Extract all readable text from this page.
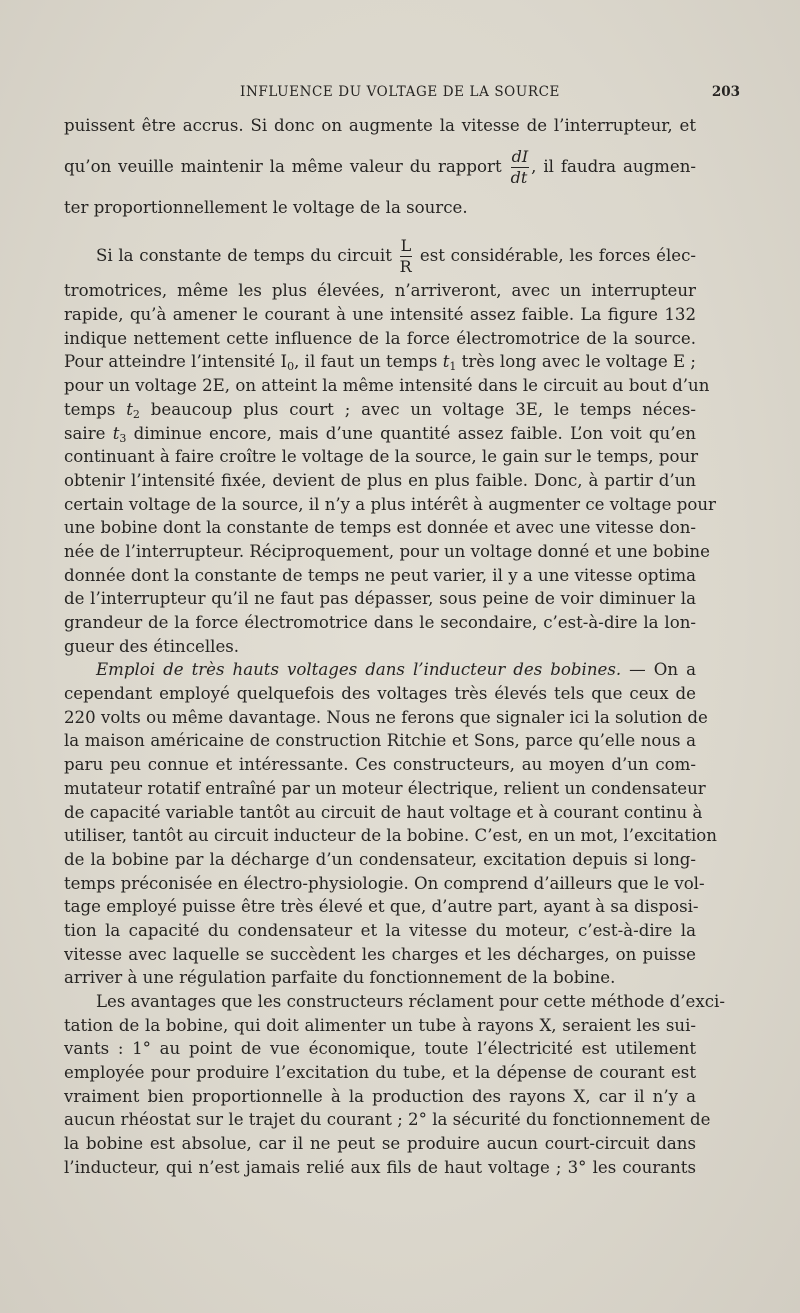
INFLUENCE DU VOLTAGE DE LA SOURCE	203
puissent être accrus. Si donc on augmente la vitesse de l’interrupteur, et
qu’on veuille maintenir la même valeur du rapport $\frac{dI}{dt}$ , il faudra augmen-
ter proportionnellement le voltage de la source.
Si la constante de temps du circuit $\frac{L}{R}$ est considérable, les forces élec-
tromotrices, même les plus élevées, n’arriveront, avec un interrupteur
rapide, qu’à amener le courant à une intensité assez faible. La figure 132
indique nettement cette influence de la force électromotrice de la source.
Pour atteindre l’intensité $I_0$, il faut un temps $t_1$ très long avec le voltage E ;
pour un voltage 2E, on atteint la même intensité dans le circuit au bout d’un
temps $t_2$ beaucoup plus court ; avec un voltage 3E, le temps néces-
saire $t_3$ diminue encore, mais d’une quantité assez faible. L’on voit qu’en
continuant à faire croître le voltage de la source, le gain sur le temps, pour
obtenir l’intensité fixée, devient de plus en plus faible. Donc, à partir d’un
certain voltage de la source, il n’y a plus intérêt à augmenter ce voltage pour
une bobine dont la constante de temps est donnée et avec une vitesse don-
née de l’interrupteur. Réciproquement, pour un voltage donné et une bobine
donnée dont la constante de temps ne peut varier, il y a une vitesse optima
de l’interrupteur qu’il ne faut pas dépasser, sous peine de voir diminuer la
grandeur de la force électromotrice dans le secondaire, c’est-à-dire la lon-
gueur des étincelles.
Emploi de très hauts voltages dans l’inducteur des bobines. — On a
cependant employé quelquefois des voltages très élevés tels que ceux de
220 volts ou même davantage. Nous ne ferons que signaler ici la solution de
la maison américaine de construction Ritchie et Sons, parce qu’elle nous a
paru peu connue et intéressante. Ces constructeurs, au moyen d’un com-
mutateur rotatif entraîné par un moteur électrique, relient un condensateur
de capacité variable tantôt au circuit de haut voltage et à courant continu à
utiliser, tantôt au circuit inducteur de la bobine. C’est, en un mot, l’excitation
de la bobine par la décharge d’un condensateur, excitation depuis si long-
temps préconisée en électro-physiologie. On comprend d’ailleurs que le vol-
tage employé puisse être très élevé et que, d’autre part, ayant à sa disposi-
tion la capacité du condensateur et la vitesse du moteur, c’est-à-dire la
vitesse avec laquelle se succèdent les charges et les décharges, on puisse
arriver à une régulation parfaite du fonctionnement de la bobine.
Les avantages que les constructeurs réclament pour cette méthode d’exci-
tation de la bobine, qui doit alimenter un tube à rayons X, seraient les sui-
vants : 1° au point de vue économique, toute l’électricité est utilement
employée pour produire l’excitation du tube, et la dépense de courant est
vraiment bien proportionnelle à la production des rayons X, car il n’y a
aucun rhéostat sur le trajet du courant ; 2° la sécurité du fonctionnement de
la bobine est absolue, car il ne peut se produire aucun court-circuit dans
l’inducteur, qui n’est jamais relié aux fils de haut voltage ; 3° les courants
